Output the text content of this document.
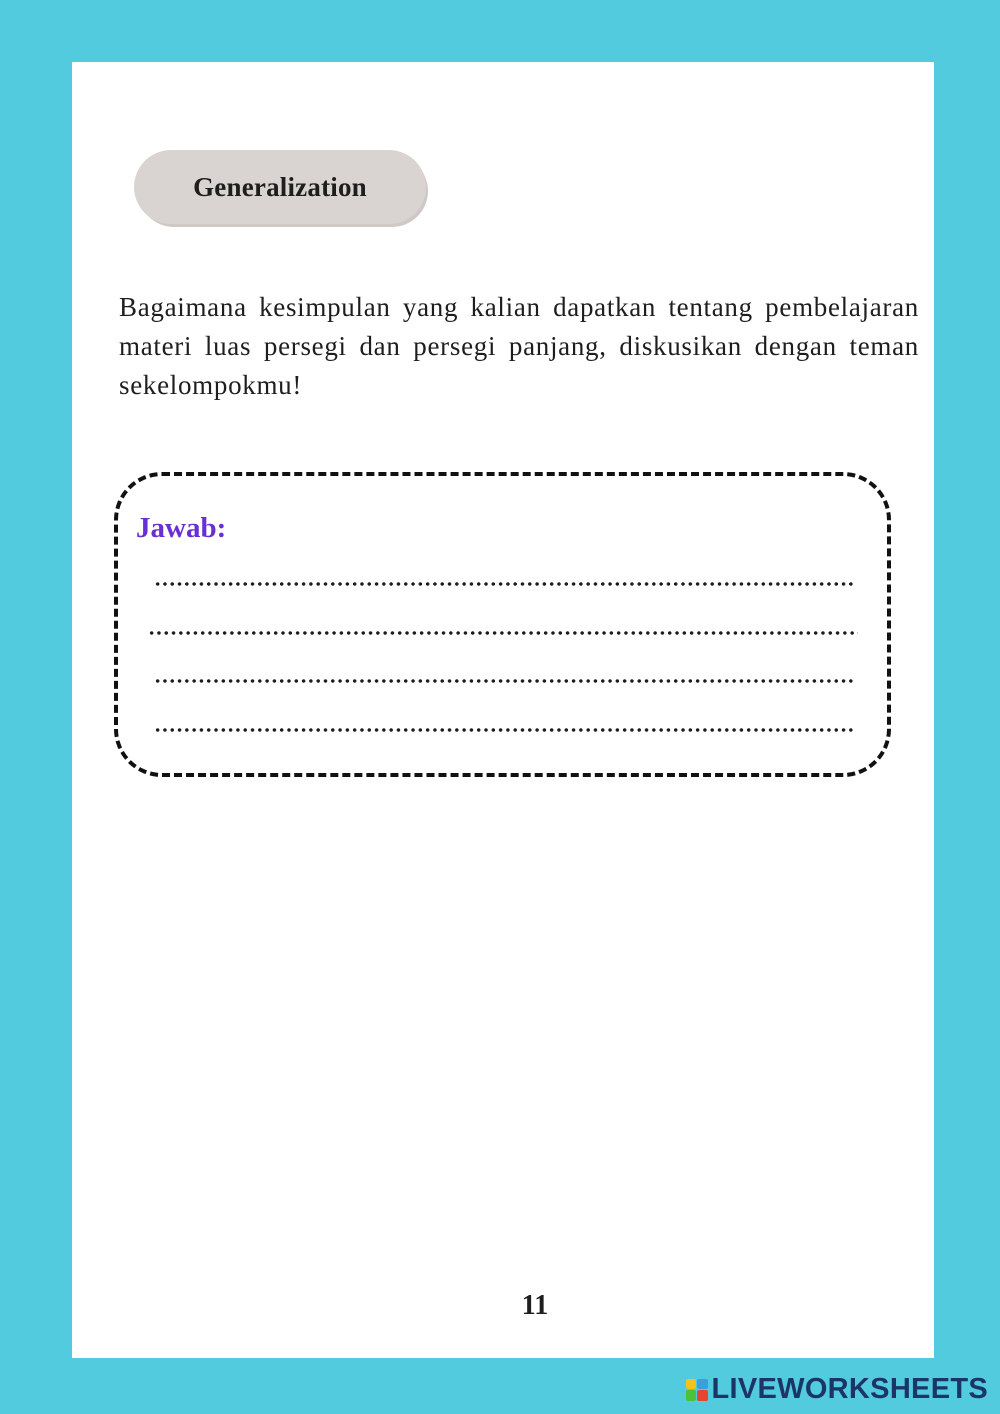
Generalization

Bagaimana kesimpulan yang kalian dapatkan tentang pembelajaran materi luas persegi dan persegi panjang, diskusikan dengan teman sekelompokmu!

Jawab:
11
LIVEWORKSHEETS
